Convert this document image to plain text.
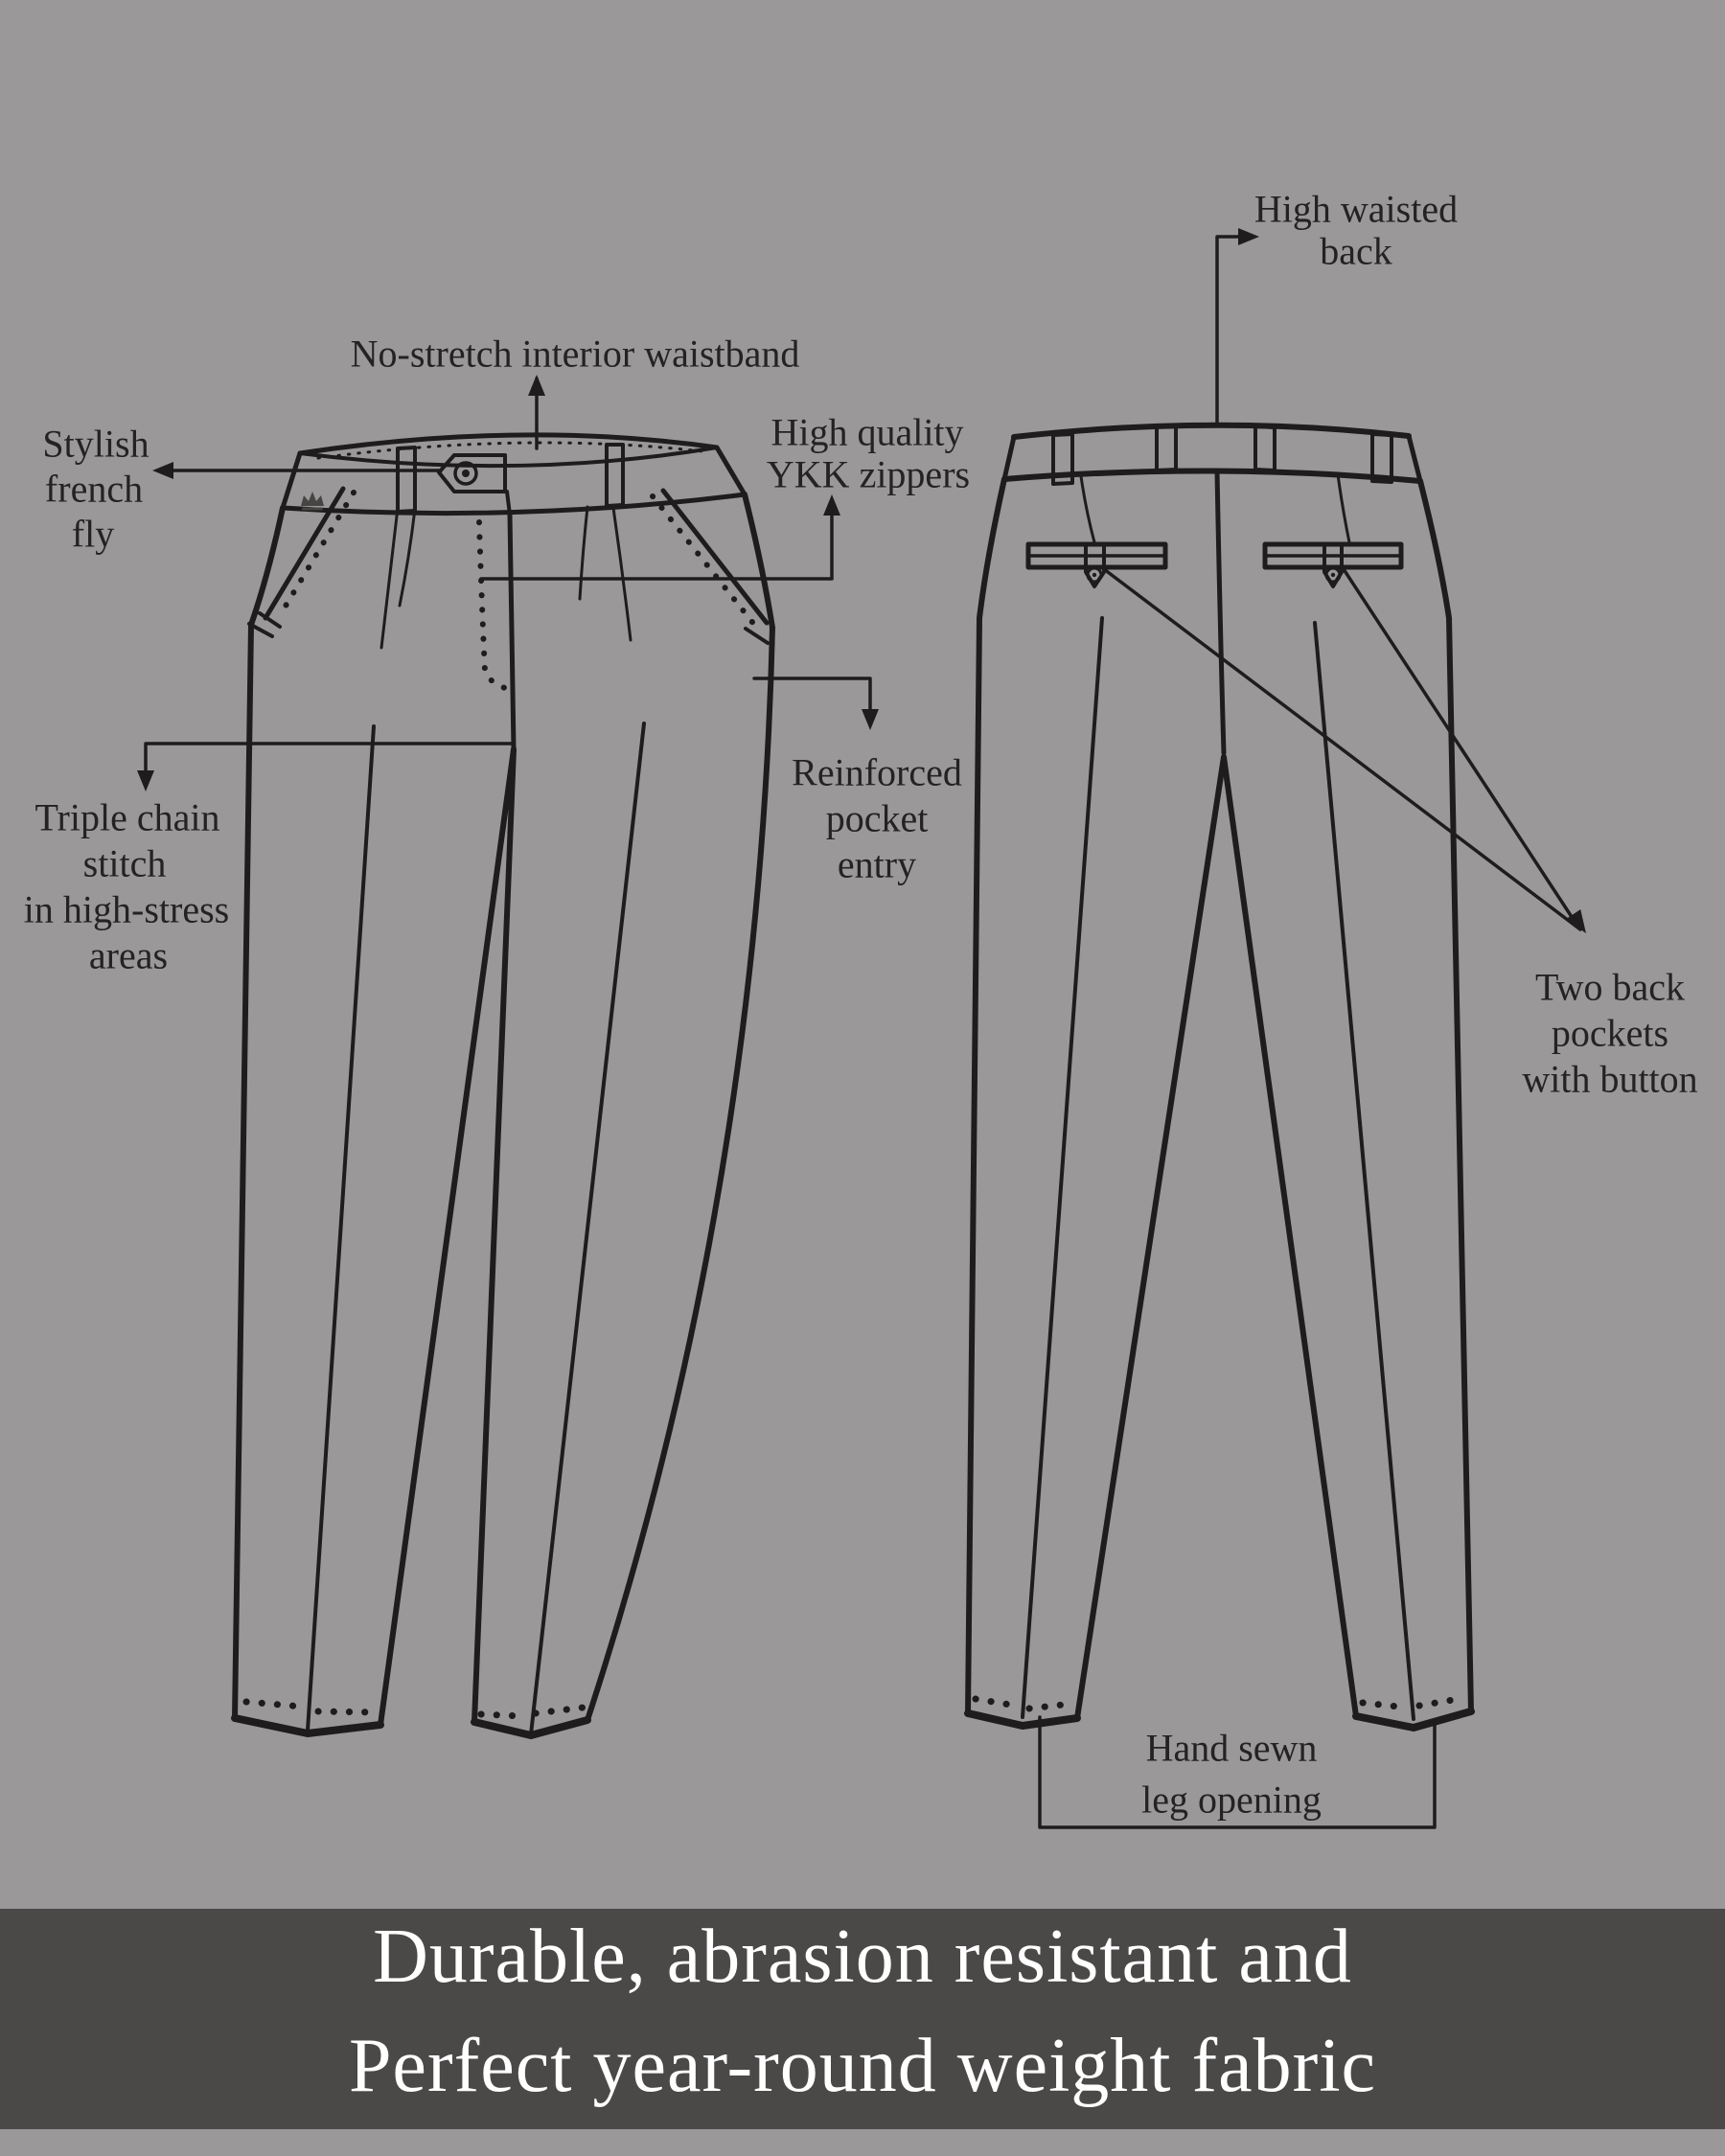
No-stretch interior waistband
High waisted
back
Stylish
french
fly
High quality
YKK zippers
Reinforced
pocket
entry
Triple chain
stitch
in high-stress
areas
Two back
pockets
with button
Hand sewn
leg opening
Durable, abrasion resistant and
Perfect year-round weight fabric
